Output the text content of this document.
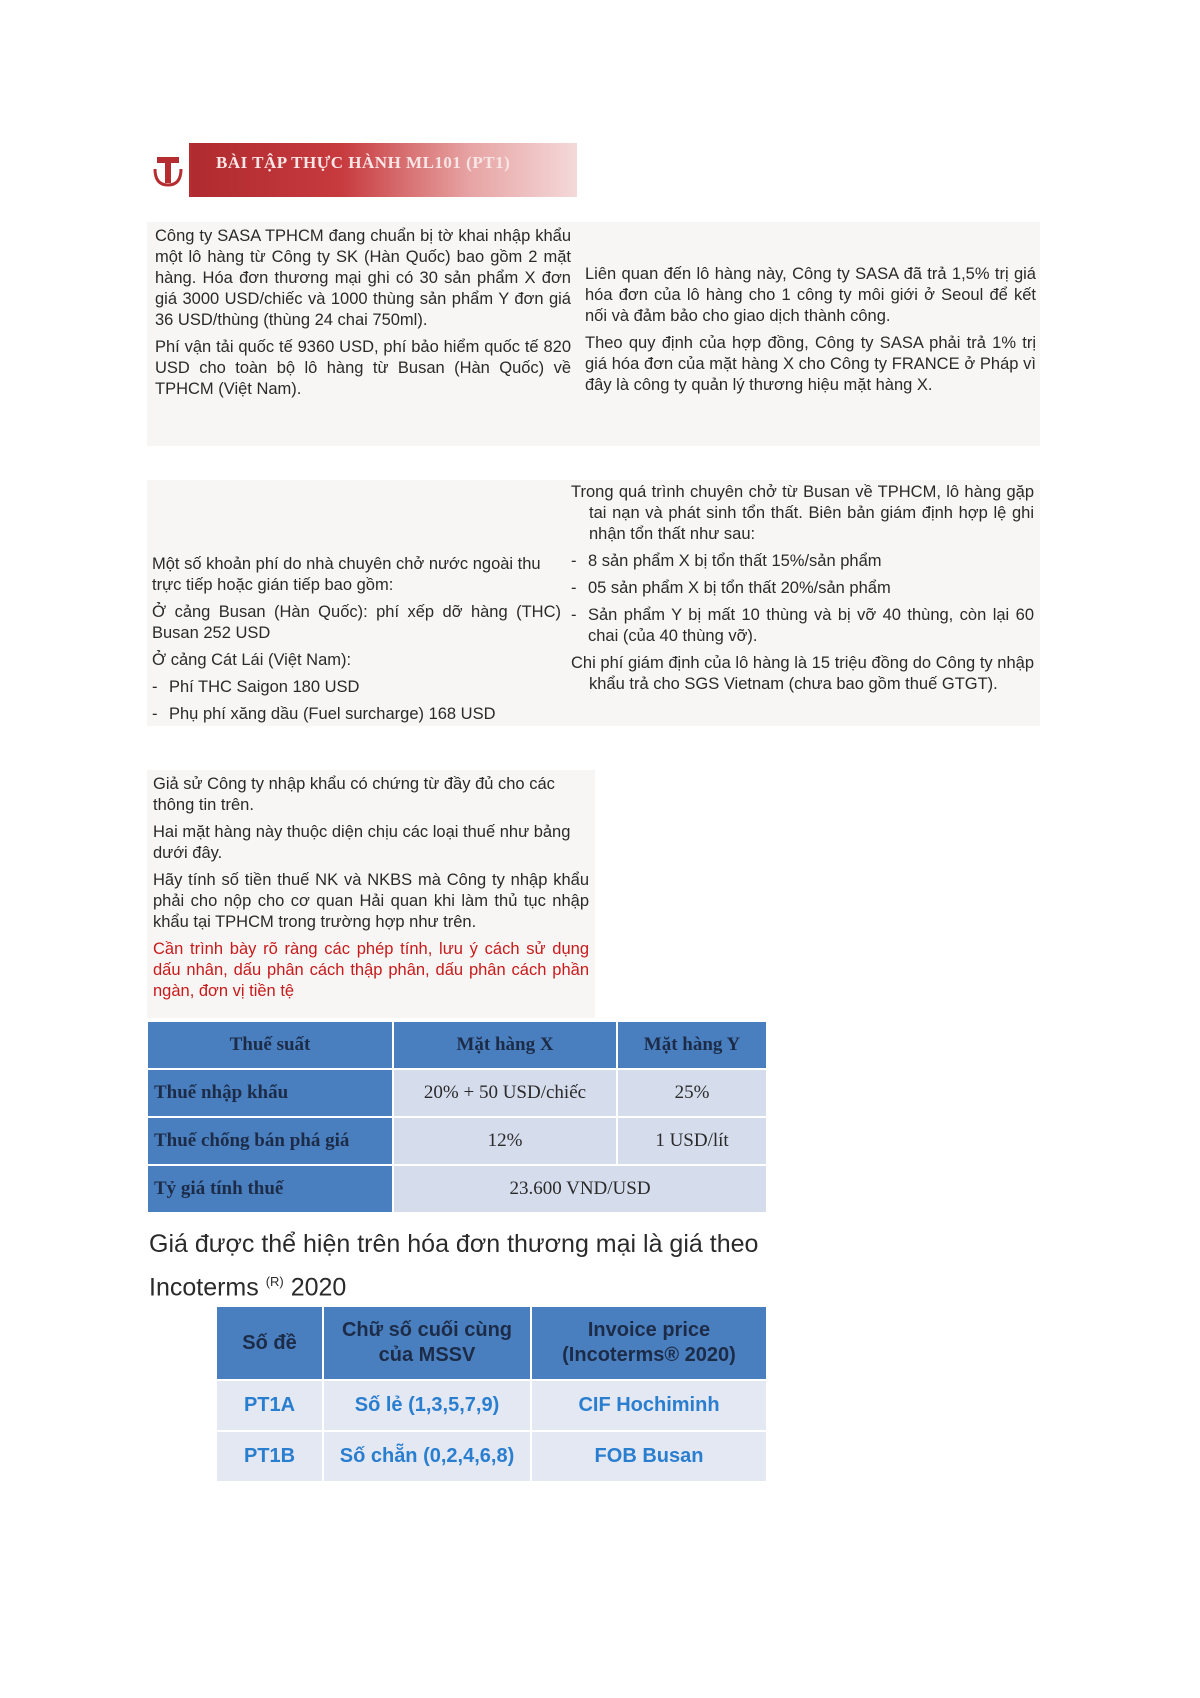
BÀI TẬP THỰC HÀNH ML101 (PT1)

Công ty SASA TPHCM đang chuẩn bị tờ khai nhập khẩu một lô hàng từ Công ty SK (Hàn Quốc) bao gồm 2 mặt hàng. Hóa đơn thương mại ghi có 30 sản phẩm X đơn giá 3000 USD/chiếc và 1000 thùng sản phẩm Y đơn giá 36 USD/thùng (thùng 24 chai 750ml).

Phí vận tải quốc tế 9360 USD, phí bảo hiểm quốc tế 820 USD cho toàn bộ lô hàng từ Busan (Hàn Quốc) về TPHCM (Việt Nam).

Liên quan đến lô hàng này, Công ty SASA đã trả 1,5% trị giá hóa đơn của lô hàng cho 1 công ty môi giới ở Seoul để kết nối và đảm bảo cho giao dịch thành công.

Theo quy định của hợp đồng, Công ty SASA phải trả 1% trị giá hóa đơn của mặt hàng X cho Công ty FRANCE ở Pháp vì đây là công ty quản lý thương hiệu mặt hàng X.

Một số khoản phí do nhà chuyên chở nước ngoài thu trực tiếp hoặc gián tiếp bao gồm:

Ở cảng Busan (Hàn Quốc): phí xếp dỡ hàng (THC) Busan 252 USD

Ở cảng Cát Lái (Việt Nam):

- Phí THC Saigon 180 USD
- Phụ phí xăng dầu (Fuel surcharge) 168 USD

Trong quá trình chuyên chở từ Busan về TPHCM, lô hàng gặp tai nạn và phát sinh tổn thất. Biên bản giám định hợp lệ ghi nhận tổn thất như sau:

- 8 sản phẩm X bị tổn thất 15%/sản phẩm
- 05 sản phẩm X bị tổn thất 20%/sản phẩm
- Sản phẩm Y bị mất 10 thùng và bị vỡ 40 thùng, còn lại 60 chai (của 40 thùng vỡ).

Chi phí giám định của lô hàng là 15 triệu đồng do Công ty nhập khẩu trả cho SGS Vietnam (chưa bao gồm thuế GTGT).

Giả sử Công ty nhập khẩu có chứng từ đầy đủ cho các thông tin trên.

Hai mặt hàng này thuộc diện chịu các loại thuế như bảng dưới đây.

Hãy tính số tiền thuế NK và NKBS mà Công ty nhập khẩu phải cho nộp cho cơ quan Hải quan khi làm thủ tục nhập khẩu tại TPHCM trong trường hợp như trên.

Cần trình bày rõ ràng các phép tính, lưu ý cách sử dụng dấu nhân, dấu phân cách thập phân, dấu phân cách phần ngàn, đơn vị tiền tệ

Thuế suất	Mặt hàng X	Mặt hàng Y
Thuế nhập khẩu	20% + 50 USD/chiếc	25%
Thuế chống bán phá giá	12%	1 USD/lít
Tỷ giá tính thuế	23.600 VND/USD	
Giá được thể hiện trên hóa đơn thương mại là giá theo Incoterms $^{(R)}$ 2020
Số đề	Chữ số cuối cùng của MSSV	Invoice price (Incoterms® 2020)
PT1A	Số lẻ (1,3,5,7,9)	CIF Hochiminh
PT1B	Số chẵn (0,2,4,6,8)	FOB Busan
